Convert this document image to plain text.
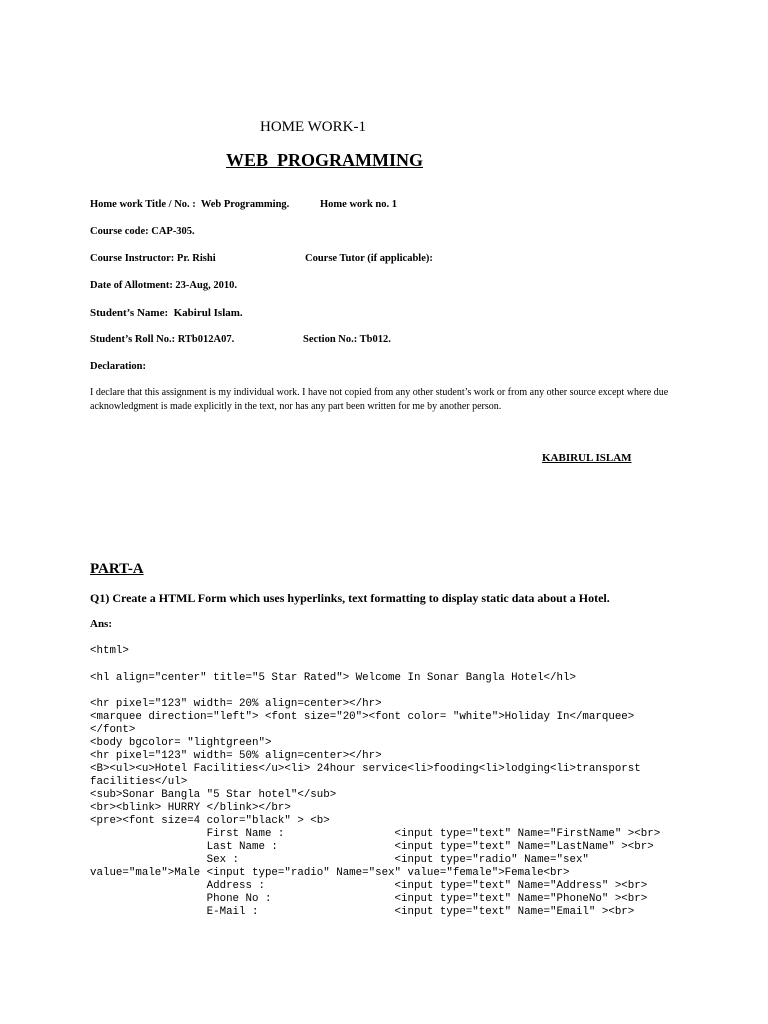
HOME WORK-1
WEB  PROGRAMMING
Home work Title / No. :  Web Programming.	Home work no. 1
Course code: CAP-305.
Course Instructor: Pr. Rishi	Course Tutor (if applicable):
Date of Allotment: 23-Aug, 2010.
Student’s Name:  Kabirul Islam.
Student’s Roll No.: RTb012A07.	Section No.: Tb012.
Declaration:
I declare that this assignment is my individual work. I have not copied from any other student’s work or from any other source except where due acknowledgment is made explicitly in the text, nor has any part been written for me by another person.
KABIRUL ISLAM
PART-A
Q1) Create a HTML Form which uses hyperlinks, text formatting to display static data about a Hotel.
Ans:
<html>
<hl align="center" title="5 Star Rated"> Welcome In Sonar Bangla Hotel</hl>
<hr pixel="123" width= 20% align=center></hr>
<marquee direction="left"> <font size="20"><font color= "white">Holiday In</marquee>
</font>
<body bgcolor= "lightgreen">
<hr pixel="123" width= 50% align=center></hr>
<B><ul><u>Hotel Facilities</u><li> 24hour service<li>fooding<li>lodging<li>transporst
facilities</ul>
<sub>Sonar Bangla "5 Star hotel"</sub>
<br><blink> HURRY </blink></br>
<pre><font size=4 color="black" > <b>
First Name :                 <input type="text" Name="FirstName" ><br>
Last Name :                  <input type="text" Name="LastName" ><br>
Sex :                        <input type="radio" Name="sex"
value="male">Male <input type="radio" Name="sex" value="female">Female<br>
Address :                    <input type="text" Name="Address" ><br>
Phone No :                   <input type="text" Name="PhoneNo" ><br>
E-Mail :                     <input type="text" Name="Email" ><br>
